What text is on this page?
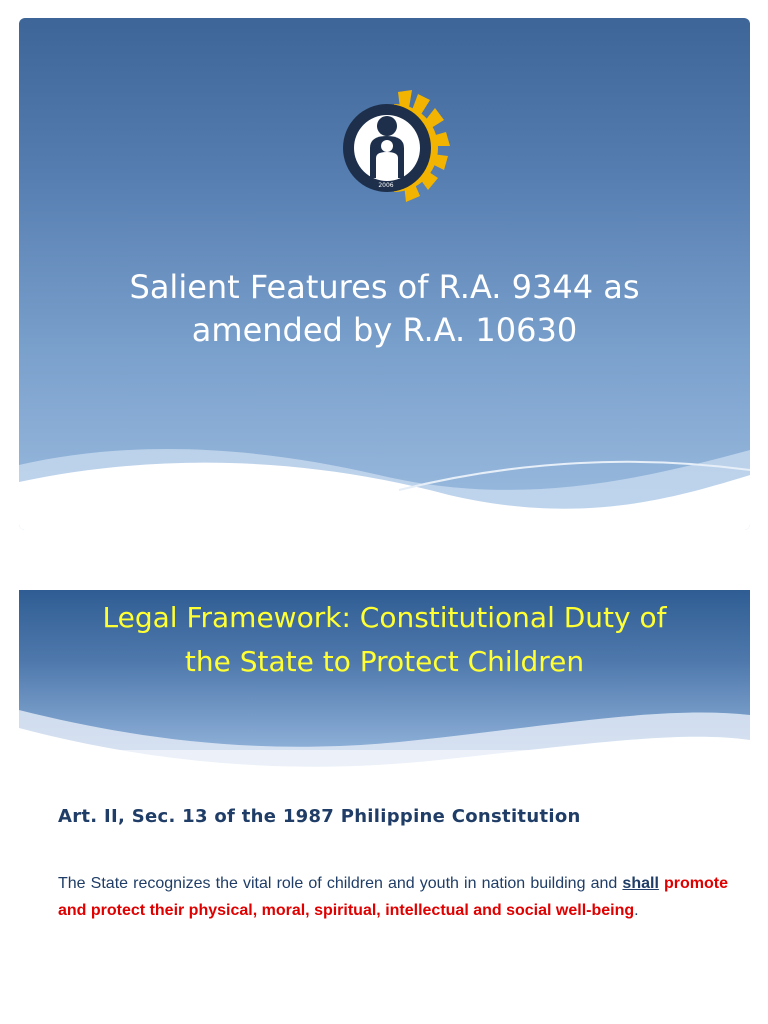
2006
Salient Features of R.A. 9344 as
amended by R.A. 10630
Legal Framework: Constitutional Duty of
the State to Protect Children
Art. II, Sec. 13 of the 1987 Philippine Constitution
The State recognizes the vital role of children and youth in nation building and shall promote and protect their physical, moral, spiritual, intellectual and social well-being.
